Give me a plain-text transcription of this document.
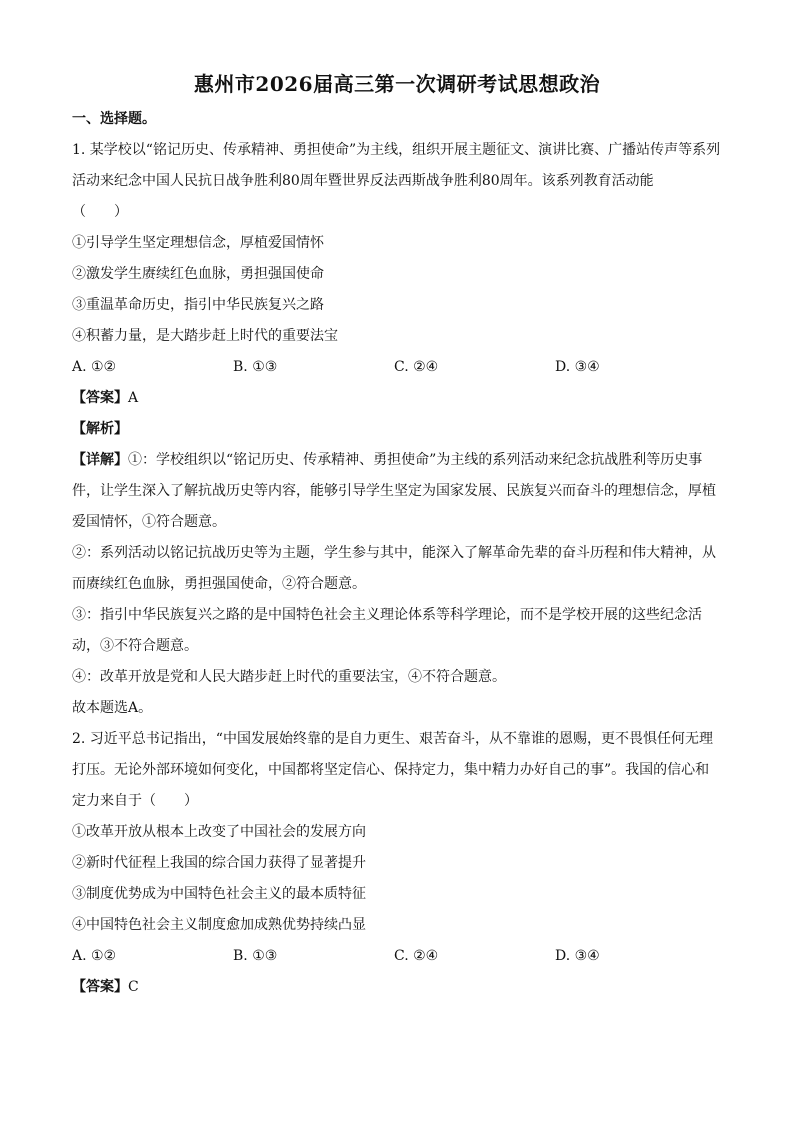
惠州市2026届高三第一次调研考试思想政治
一、选择题。
1. 某学校以“铭记历史、传承精神、勇担使命”为主线，组织开展主题征文、演讲比赛、广播站传声等系列活动来纪念中国人民抗日战争胜利80周年暨世界反法西斯战争胜利80周年。该系列教育活动能
（　　）
①引导学生坚定理想信念，厚植爱国情怀
②激发学生赓续红色血脉，勇担强国使命
③重温革命历史，指引中华民族复兴之路
④积蓄力量，是大踏步赶上时代的重要法宝
A. ①②	B. ①③	C. ②④	D. ③④
【答案】A
【解析】
【详解】①：学校组织以“铭记历史、传承精神、勇担使命”为主线的系列活动来纪念抗战胜利等历史事件，让学生深入了解抗战历史等内容，能够引导学生坚定为国家发展、民族复兴而奋斗的理想信念，厚植爱国情怀，①符合题意。
②：系列活动以铭记抗战历史等为主题，学生参与其中，能深入了解革命先辈的奋斗历程和伟大精神，从而赓续红色血脉，勇担强国使命，②符合题意。
③：指引中华民族复兴之路的是中国特色社会主义理论体系等科学理论，而不是学校开展的这些纪念活动，③不符合题意。
④：改革开放是党和人民大踏步赶上时代的重要法宝，④不符合题意。
故本题选A。
2. 习近平总书记指出，“中国发展始终靠的是自力更生、艰苦奋斗，从不靠谁的恩赐，更不畏惧任何无理打压。无论外部环境如何变化，中国都将坚定信心、保持定力，集中精力办好自己的事”。我国的信心和定力来自于（　　）
①改革开放从根本上改变了中国社会的发展方向
②新时代征程上我国的综合国力获得了显著提升
③制度优势成为中国特色社会主义的最本质特征
④中国特色社会主义制度愈加成熟优势持续凸显
A. ①②	B. ①③	C. ②④	D. ③④
【答案】C
